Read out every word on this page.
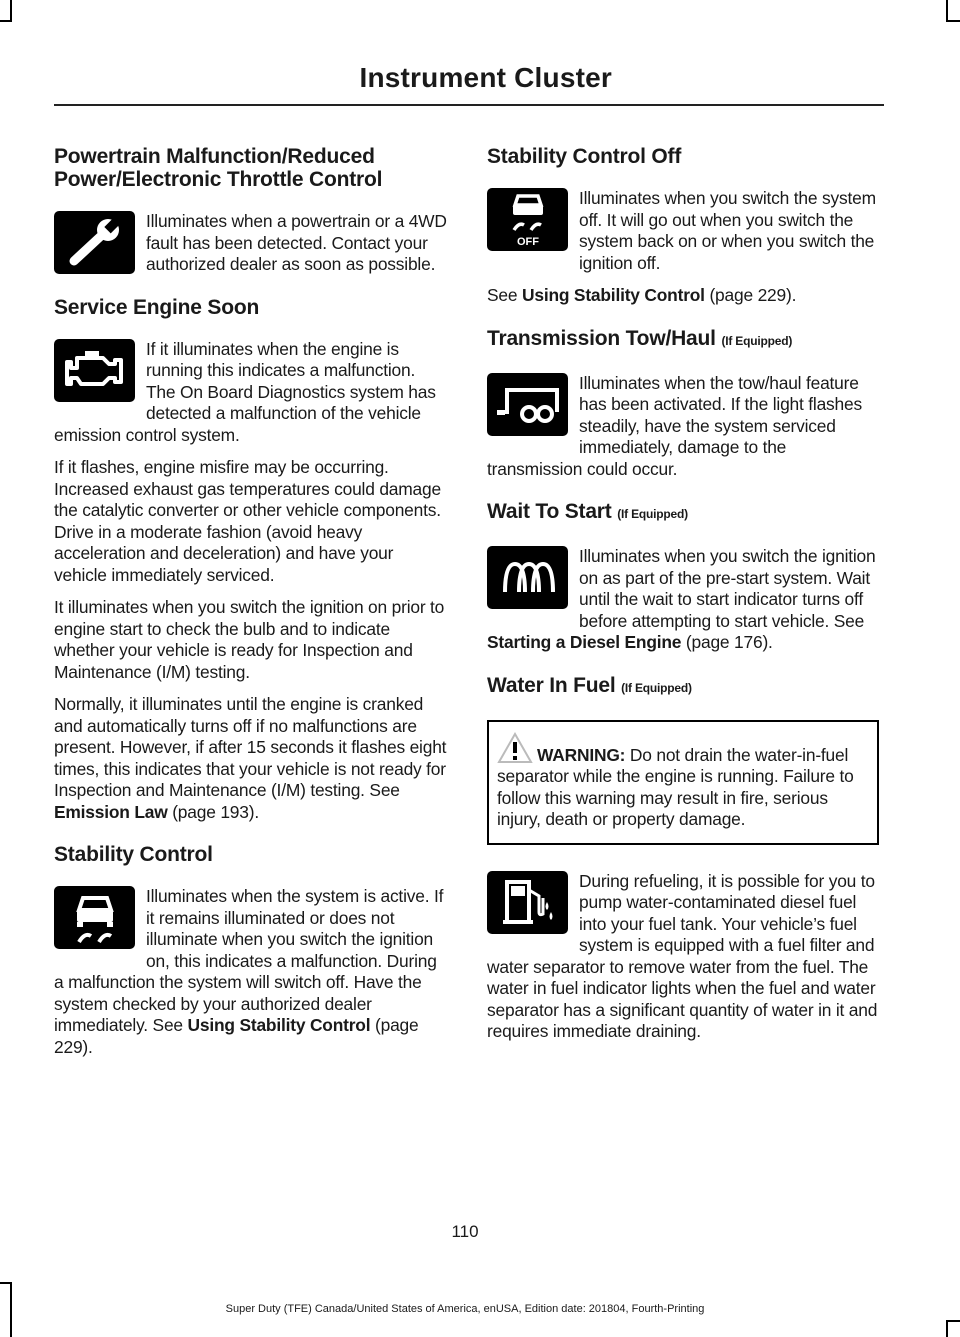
Instrument Cluster
Powertrain Malfunction/Reduced
Power/Electronic Throttle Control

Illuminates when a powertrain or a 4WD fault has been detected. Contact your authorized dealer as soon as possible.

Service Engine Soon

If it illuminates when the engine is running this indicates a malfunction. The On Board Diagnostics system has detected a malfunction of the vehicle emission control system.

If it flashes, engine misfire may be occurring. Increased exhaust gas temperatures could damage the catalytic converter or other vehicle components. Drive in a moderate fashion (avoid heavy acceleration and deceleration) and have your vehicle immediately serviced.

It illuminates when you switch the ignition on prior to engine start to check the bulb and to indicate whether your vehicle is ready for Inspection and Maintenance (I/M) testing.

Normally, it illuminates until the engine is cranked and automatically turns off if no malfunctions are present. However, if after 15 seconds it flashes eight times, this indicates that your vehicle is not ready for Inspection and Maintenance (I/M) testing. See Emission Law (page 193).

Stability Control

Illuminates when the system is active. If it remains illuminated or does not illuminate when you switch the ignition on, this indicates a malfunction. During a malfunction the system will switch off. Have the system checked by your authorized dealer immediately. See Using Stability Control (page 229).

Stability Control Off
OFF

Illuminates when you switch the system off. It will go out when you switch the system back on or when you switch the ignition off.

See Using Stability Control (page 229).

Transmission Tow/Haul (If Equipped)

Illuminates when the tow/haul feature has been activated. If the light flashes steadily, have the system serviced immediately, damage to the transmission could occur.

Wait To Start (If Equipped)

Illuminates when you switch the ignition on as part of the pre-start system. Wait until the wait to start indicator turns off before attempting to start vehicle. See Starting a Diesel Engine (page 176).

Water In Fuel (If Equipped)

WARNING: Do not drain the water-in-fuel separator while the engine is running. Failure to follow this warning may result in fire, serious injury, death or property damage.

During refueling, it is possible for you to pump water-contaminated diesel fuel into your fuel tank. Your vehicle’s fuel system is equipped with a fuel filter and water separator to remove water from the fuel. The water in fuel indicator lights when the fuel and water separator has a significant quantity of water in it and requires immediate draining.

110
Super Duty (TFE) Canada/United States of America, enUSA, Edition date: 201804, Fourth-Printing
